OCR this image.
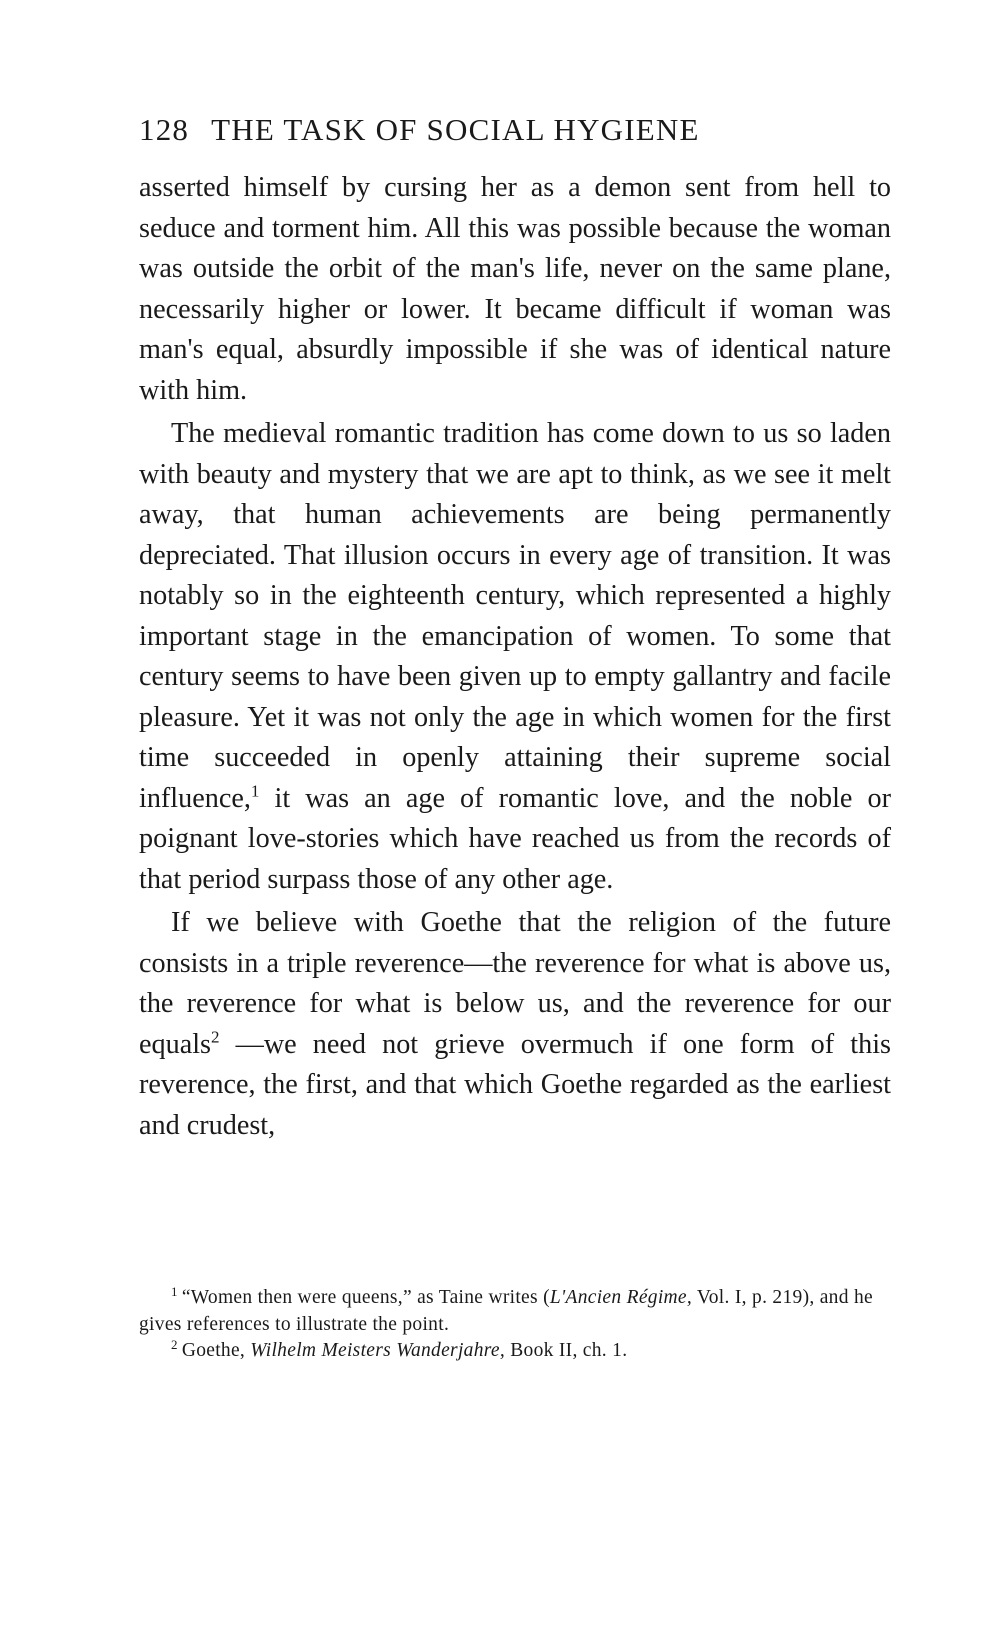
128 THE TASK OF SOCIAL HYGIENE

asserted himself by cursing her as a demon sent from hell to seduce and torment him. All this was possible because the woman was outside the orbit of the man's life, never on the same plane, necessarily higher or lower. It became difficult if woman was man's equal, absurdly impossible if she was of identical nature with him.

The medieval romantic tradition has come down to us so laden with beauty and mystery that we are apt to think, as we see it melt away, that human achievements are being permanently depreciated. That illusion occurs in every age of transition. It was notably so in the eighteenth century, which represented a highly important stage in the emancipation of women. To some that century seems to have been given up to empty gallantry and facile pleasure. Yet it was not only the age in which women for the first time succeeded in openly attaining their supreme social influence,$^1$ it was an age of romantic love, and the noble or poignant love-stories which have reached us from the records of that period surpass those of any other age.

If we believe with Goethe that the religion of the future consists in a triple reverence—the reverence for what is above us, the reverence for what is below us, and the reverence for our equals$^2$ —we need not grieve overmuch if one form of this reverence, the first, and that which Goethe regarded as the earliest and crudest,

$^1$ “Women then were queens,” as Taine writes (L'Ancien Régime, Vol. I, p. 219), and he gives references to illustrate the point.

$^2$ Goethe, Wilhelm Meisters Wanderjahre, Book II, ch. 1.
